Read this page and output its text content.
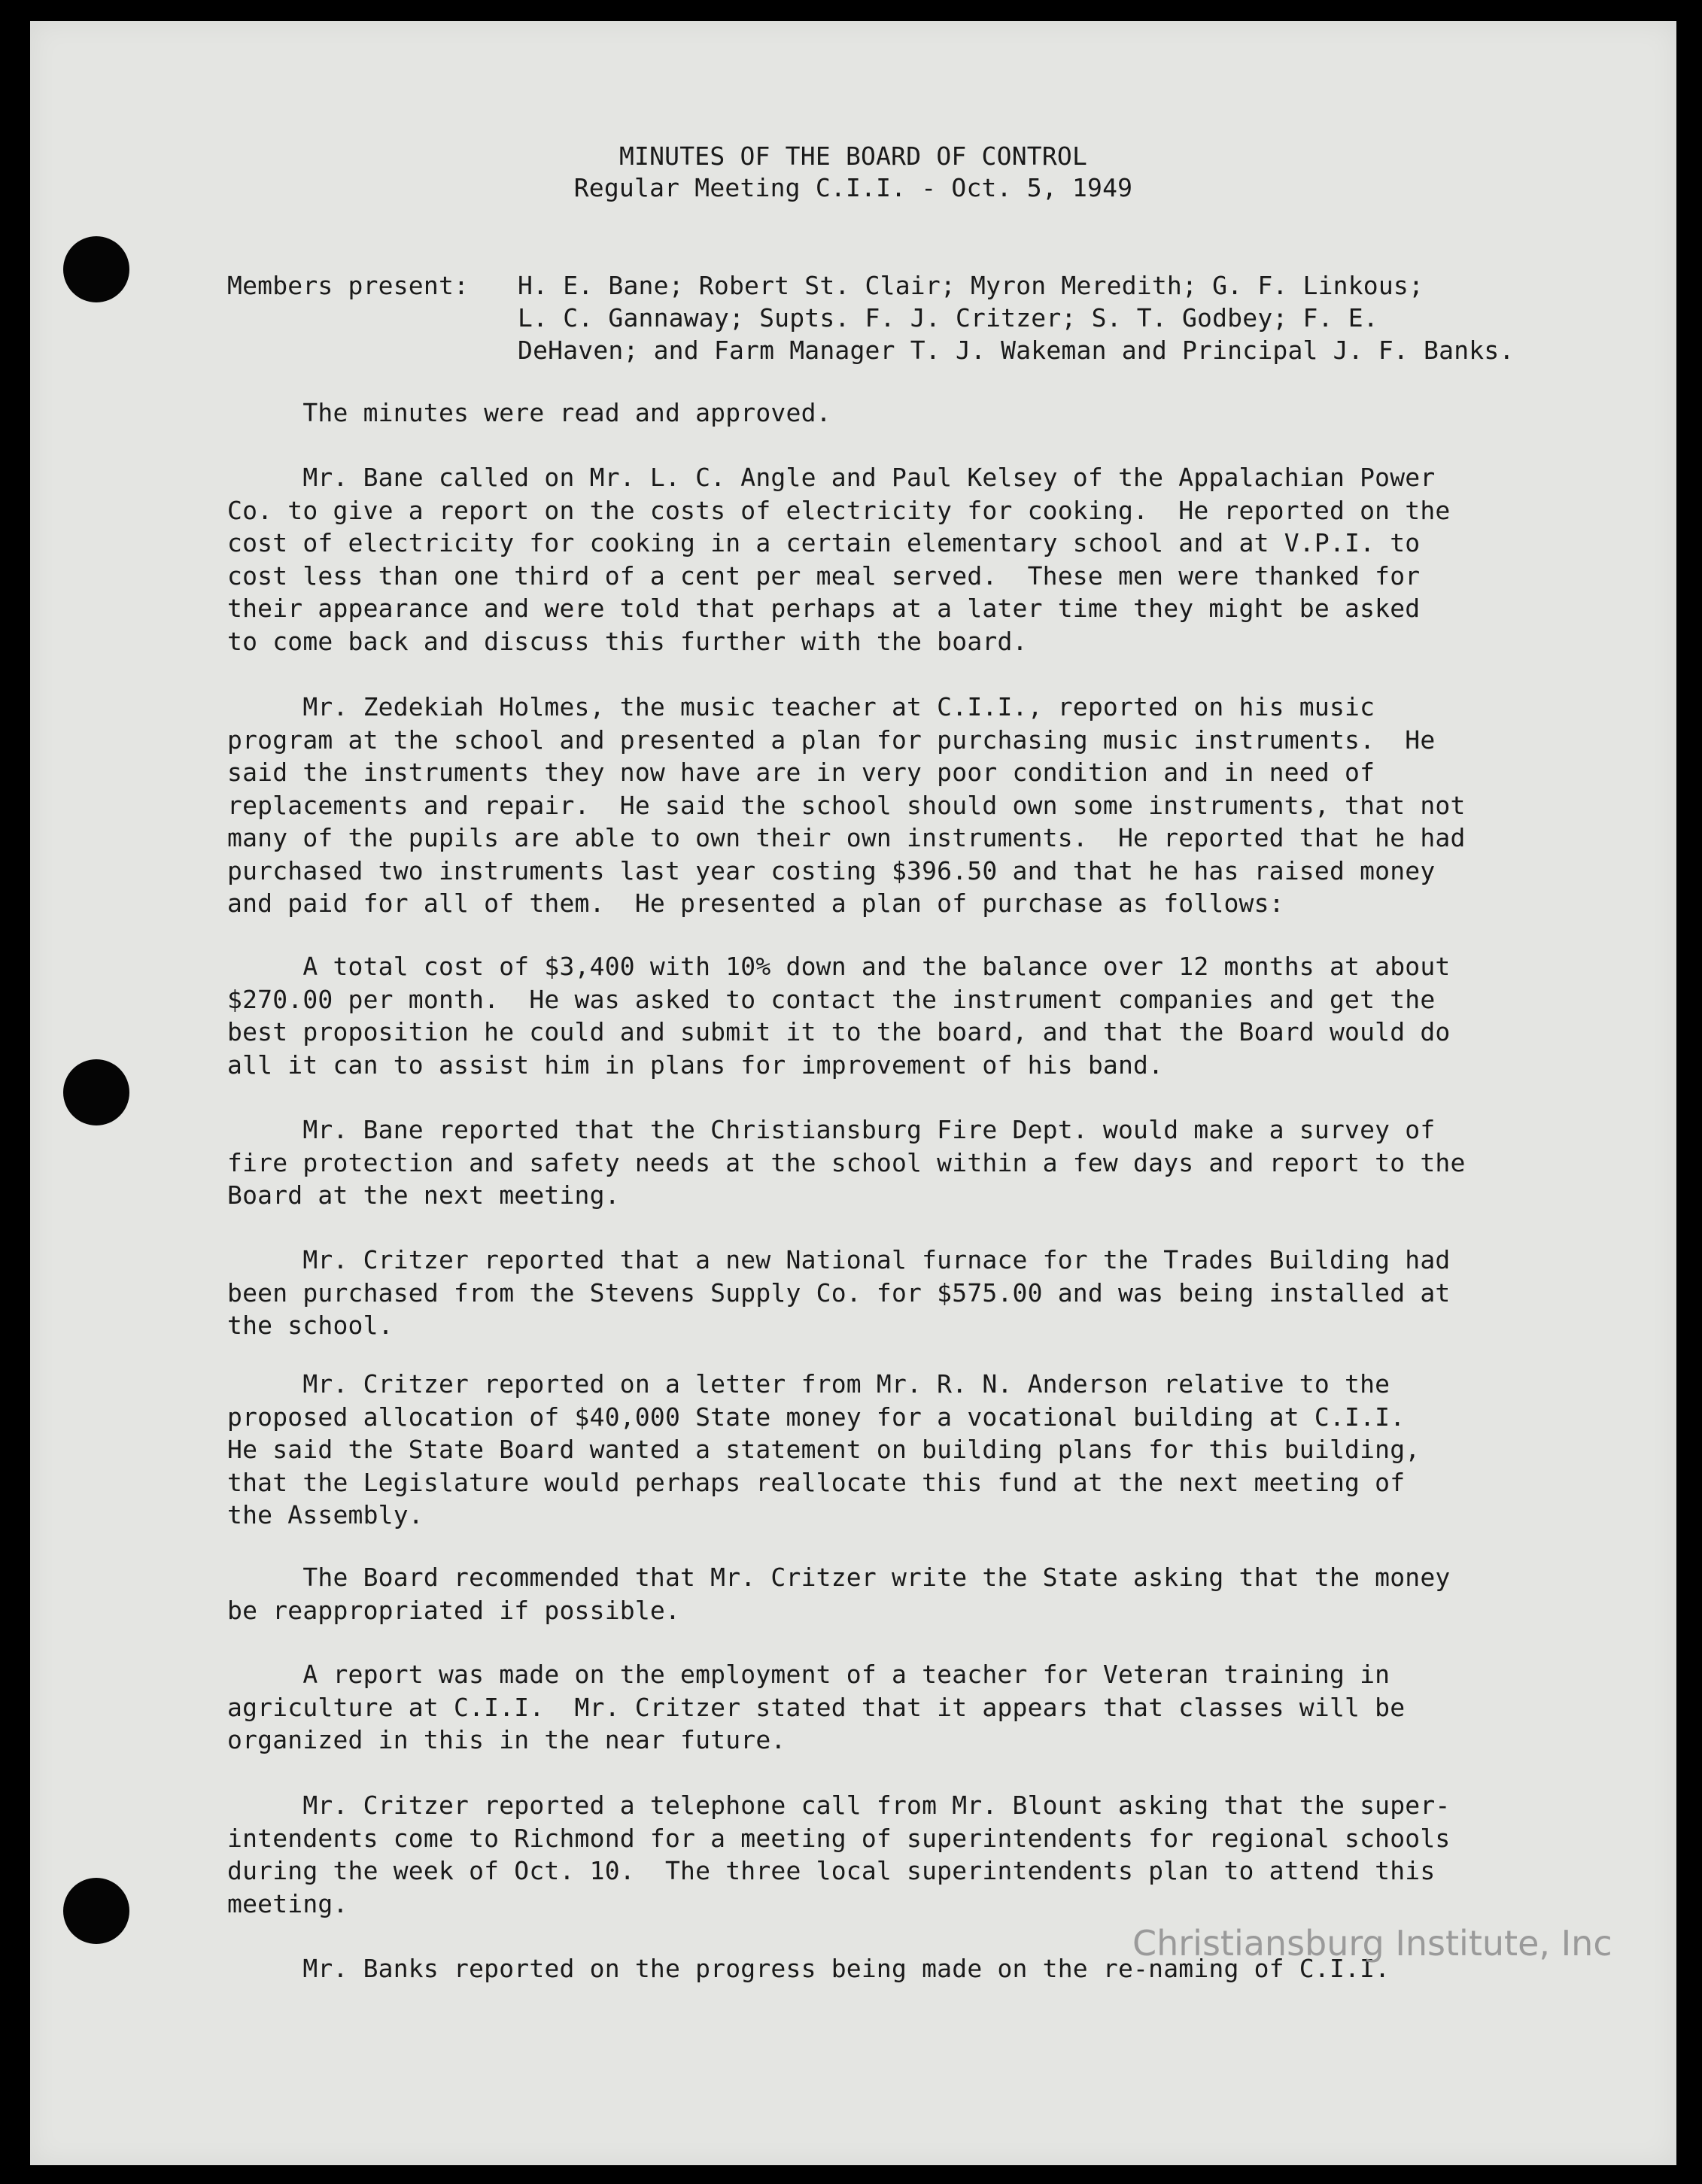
MINUTES OF THE BOARD OF CONTROL
Regular Meeting C.I.I. - Oct. 5, 1949
Members present: H. E. Bane; Robert St. Clair; Myron Meredith; G. F. Linkous;
L. C. Gannaway; Supts. F. J. Critzer; S. T. Godbey; F. E.
DeHaven; and Farm Manager T. J. Wakeman and Principal J. F. Banks.
The minutes were read and approved.
Mr. Bane called on Mr. L. C. Angle and Paul Kelsey of the Appalachian Power
Co. to give a report on the costs of electricity for cooking.  He reported on the
cost of electricity for cooking in a certain elementary school and at V.P.I. to
cost less than one third of a cent per meal served.  These men were thanked for
their appearance and were told that perhaps at a later time they might be asked
to come back and discuss this further with the board.
Mr. Zedekiah Holmes, the music teacher at C.I.I., reported on his music
program at the school and presented a plan for purchasing music instruments.  He
said the instruments they now have are in very poor condition and in need of
replacements and repair.  He said the school should own some instruments, that not
many of the pupils are able to own their own instruments.  He reported that he had
purchased two instruments last year costing $396.50 and that he has raised money
and paid for all of them.  He presented a plan of purchase as follows:
A total cost of $3,400 with 10% down and the balance over 12 months at about
$270.00 per month.  He was asked to contact the instrument companies and get the
best proposition he could and submit it to the board, and that the Board would do
all it can to assist him in plans for improvement of his band.
Mr. Bane reported that the Christiansburg Fire Dept. would make a survey of
fire protection and safety needs at the school within a few days and report to the
Board at the next meeting.
Mr. Critzer reported that a new National furnace for the Trades Building had
been purchased from the Stevens Supply Co. for $575.00 and was being installed at
the school.
Mr. Critzer reported on a letter from Mr. R. N. Anderson relative to the
proposed allocation of $40,000 State money for a vocational building at C.I.I.
He said the State Board wanted a statement on building plans for this building,
that the Legislature would perhaps reallocate this fund at the next meeting of
the Assembly.
The Board recommended that Mr. Critzer write the State asking that the money
be reappropriated if possible.
A report was made on the employment of a teacher for Veteran training in
agriculture at C.I.I.  Mr. Critzer stated that it appears that classes will be
organized in this in the near future.
Mr. Critzer reported a telephone call from Mr. Blount asking that the super-
intendents come to Richmond for a meeting of superintendents for regional schools
during the week of Oct. 10.  The three local superintendents plan to attend this
meeting.
Mr. Banks reported on the progress being made on the re-naming of C.I.I.
Christiansburg Institute, Inc
